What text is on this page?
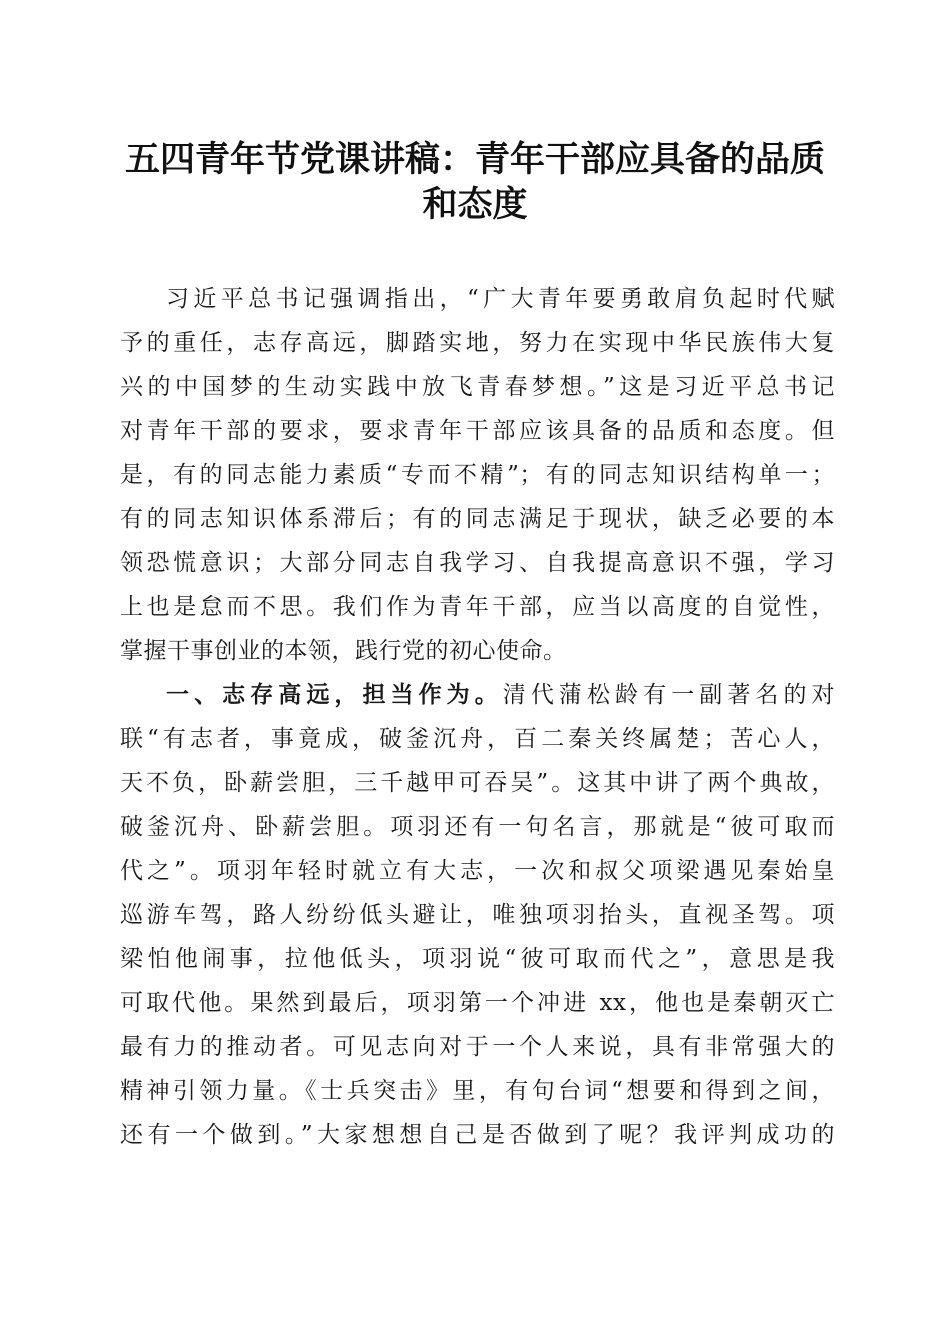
五四青年节党课讲稿：青年干部应具备的品质
和态度
习近平总书记强调指出，“广大青年要勇敢肩负起时代赋
予的重任，志存高远，脚踏实地，努力在实现中华民族伟大复
兴的中国梦的生动实践中放飞青春梦想。”这是习近平总书记
对青年干部的要求，要求青年干部应该具备的品质和态度。但
是，有的同志能力素质“专而不精”；有的同志知识结构单一；
有的同志知识体系滞后；有的同志满足于现状，缺乏必要的本
领恐慌意识；大部分同志自我学习、自我提高意识不强，学习
上也是怠而不思。我们作为青年干部，应当以高度的自觉性，
掌握干事创业的本领，践行党的初心使命。
一、志存高远，担当作为。清代蒲松龄有一副著名的对
联“有志者，事竟成，破釜沉舟，百二秦关终属楚；苦心人，
天不负，卧薪尝胆，三千越甲可吞吴”。这其中讲了两个典故，
破釜沉舟、卧薪尝胆。项羽还有一句名言，那就是“彼可取而
代之”。项羽年轻时就立有大志，一次和叔父项梁遇见秦始皇
巡游车驾，路人纷纷低头避让，唯独项羽抬头，直视圣驾。项
梁怕他闹事，拉他低头，项羽说“彼可取而代之”，意思是我
可取代他。果然到最后，项羽第一个冲进 xx，他也是秦朝灭亡
最有力的推动者。可见志向对于一个人来说，具有非常强大的
精神引领力量。《士兵突击》里，有句台词“想要和得到之间，
还有一个做到。”大家想想自己是否做到了呢？我评判成功的
